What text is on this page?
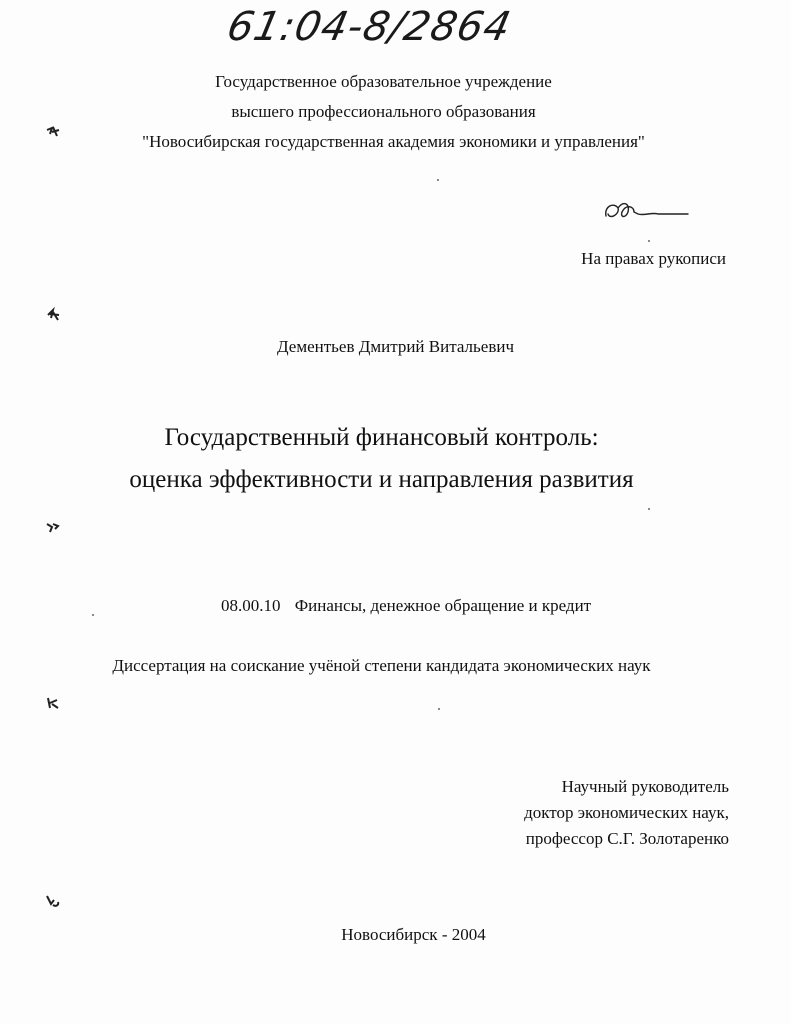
61:04-8/2864
Государственное образовательное учреждение
высшего профессионального образования
"Новосибирская государственная академия экономики и управления"
На правах рукописи
Дементьев Дмитрий Витальевич
Государственный финансовый контроль:
оценка эффективности и направления развития
08.00.10 Финансы, денежное обращение и кредит
Диссертация на соискание учёной степени кандидата экономических наук
Научный руководитель
доктор экономических наук,
профессор С.Г. Золотаренко
Новосибирск - 2004
